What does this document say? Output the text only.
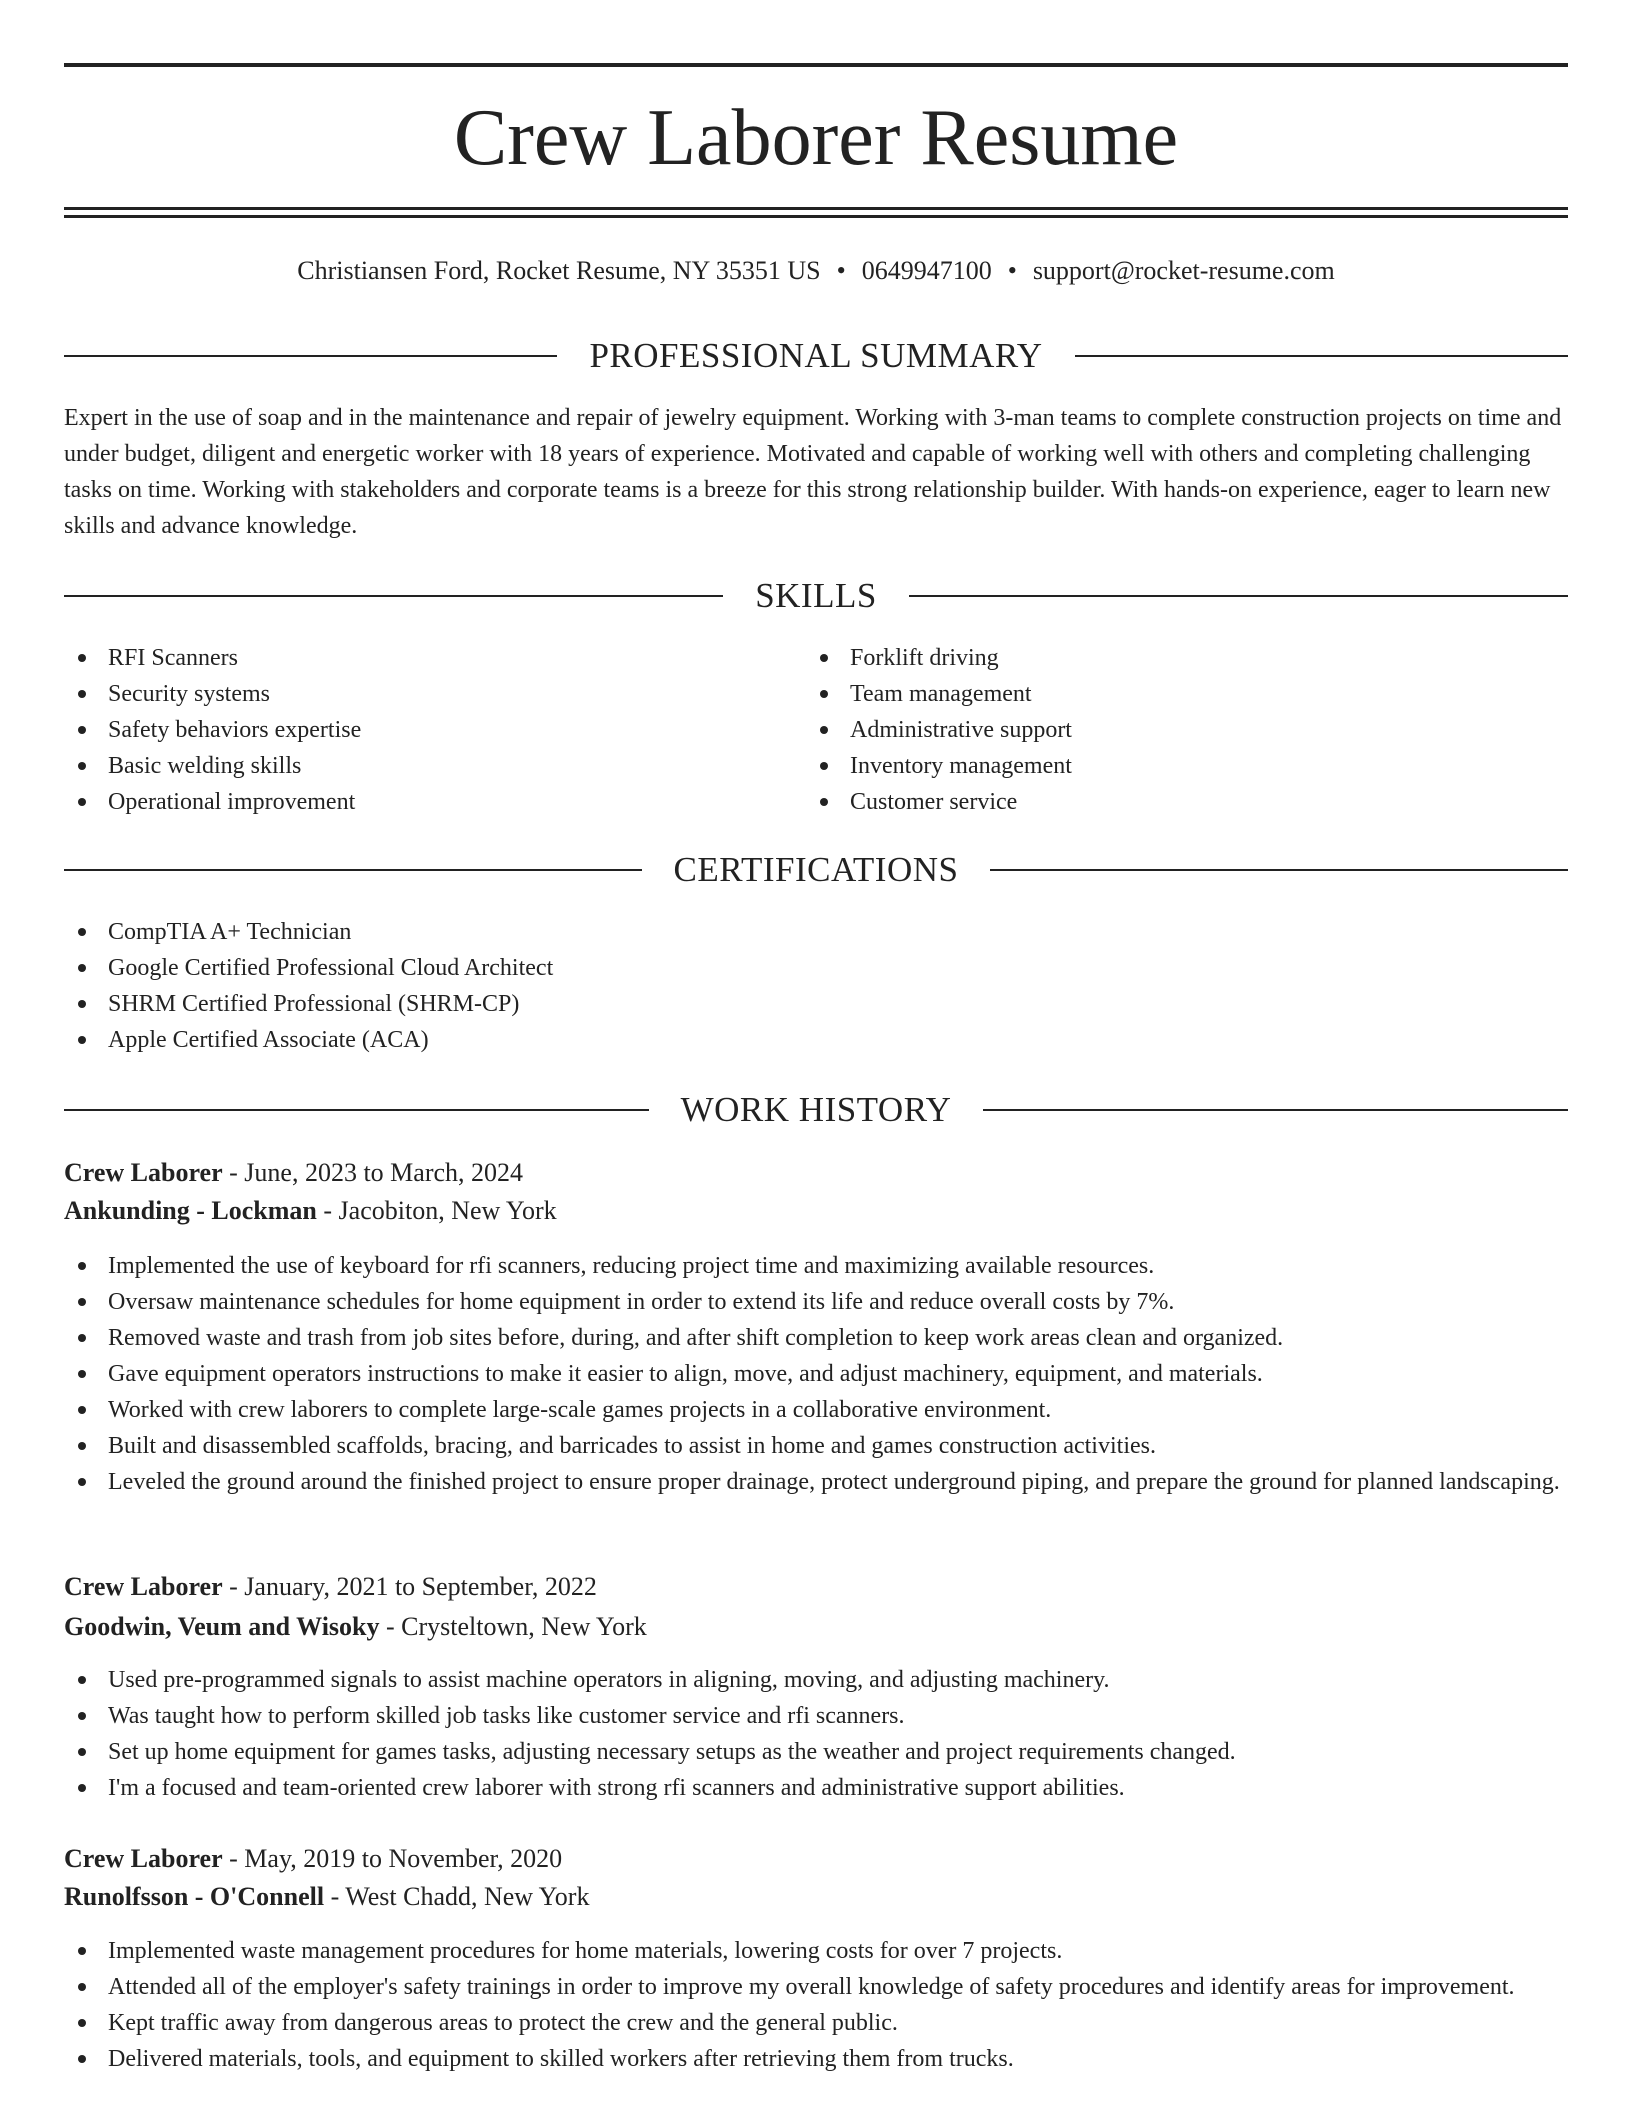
Crew Laborer Resume
Christiansen Ford, Rocket Resume, NY 35351 US • 0649947100 • support@rocket-resume.com
PROFESSIONAL SUMMARY

Expert in the use of soap and in the maintenance and repair of jewelry equipment. Working with 3-man teams to complete construction projects on time and under budget, diligent and energetic worker with 18 years of experience. Motivated and capable of working well with others and completing challenging tasks on time. Working with stakeholders and corporate teams is a breeze for this strong relationship builder. With hands-on experience, eager to learn new skills and advance knowledge.

SKILLS
RFI Scanners
Security systems
Safety behaviors expertise
Basic welding skills
Operational improvement
Forklift driving
Team management
Administrative support
Inventory management
Customer service
CERTIFICATIONS
CompTIA A+ Technician
Google Certified Professional Cloud Architect
SHRM Certified Professional (SHRM-CP)
Apple Certified Associate (ACA)
WORK HISTORY
Crew Laborer - June, 2023 to March, 2024
Ankunding - Lockman - Jacobiton, New York
Implemented the use of keyboard for rfi scanners, reducing project time and maximizing available resources.
Oversaw maintenance schedules for home equipment in order to extend its life and reduce overall costs by 7%.
Removed waste and trash from job sites before, during, and after shift completion to keep work areas clean and organized.
Gave equipment operators instructions to make it easier to align, move, and adjust machinery, equipment, and materials.
Worked with crew laborers to complete large-scale games projects in a collaborative environment.
Built and disassembled scaffolds, bracing, and barricades to assist in home and games construction activities.
Leveled the ground around the finished project to ensure proper drainage, protect underground piping, and prepare the ground for planned landscaping.
Crew Laborer - January, 2021 to September, 2022
Goodwin, Veum and Wisoky - Crysteltown, New York
Used pre-programmed signals to assist machine operators in aligning, moving, and adjusting machinery.
Was taught how to perform skilled job tasks like customer service and rfi scanners.
Set up home equipment for games tasks, adjusting necessary setups as the weather and project requirements changed.
I'm a focused and team-oriented crew laborer with strong rfi scanners and administrative support abilities.
Crew Laborer - May, 2019 to November, 2020
Runolfsson - O'Connell - West Chadd, New York
Implemented waste management procedures for home materials, lowering costs for over 7 projects.
Attended all of the employer's safety trainings in order to improve my overall knowledge of safety procedures and identify areas for improvement.
Kept traffic away from dangerous areas to protect the crew and the general public.
Delivered materials, tools, and equipment to skilled workers after retrieving them from trucks.
